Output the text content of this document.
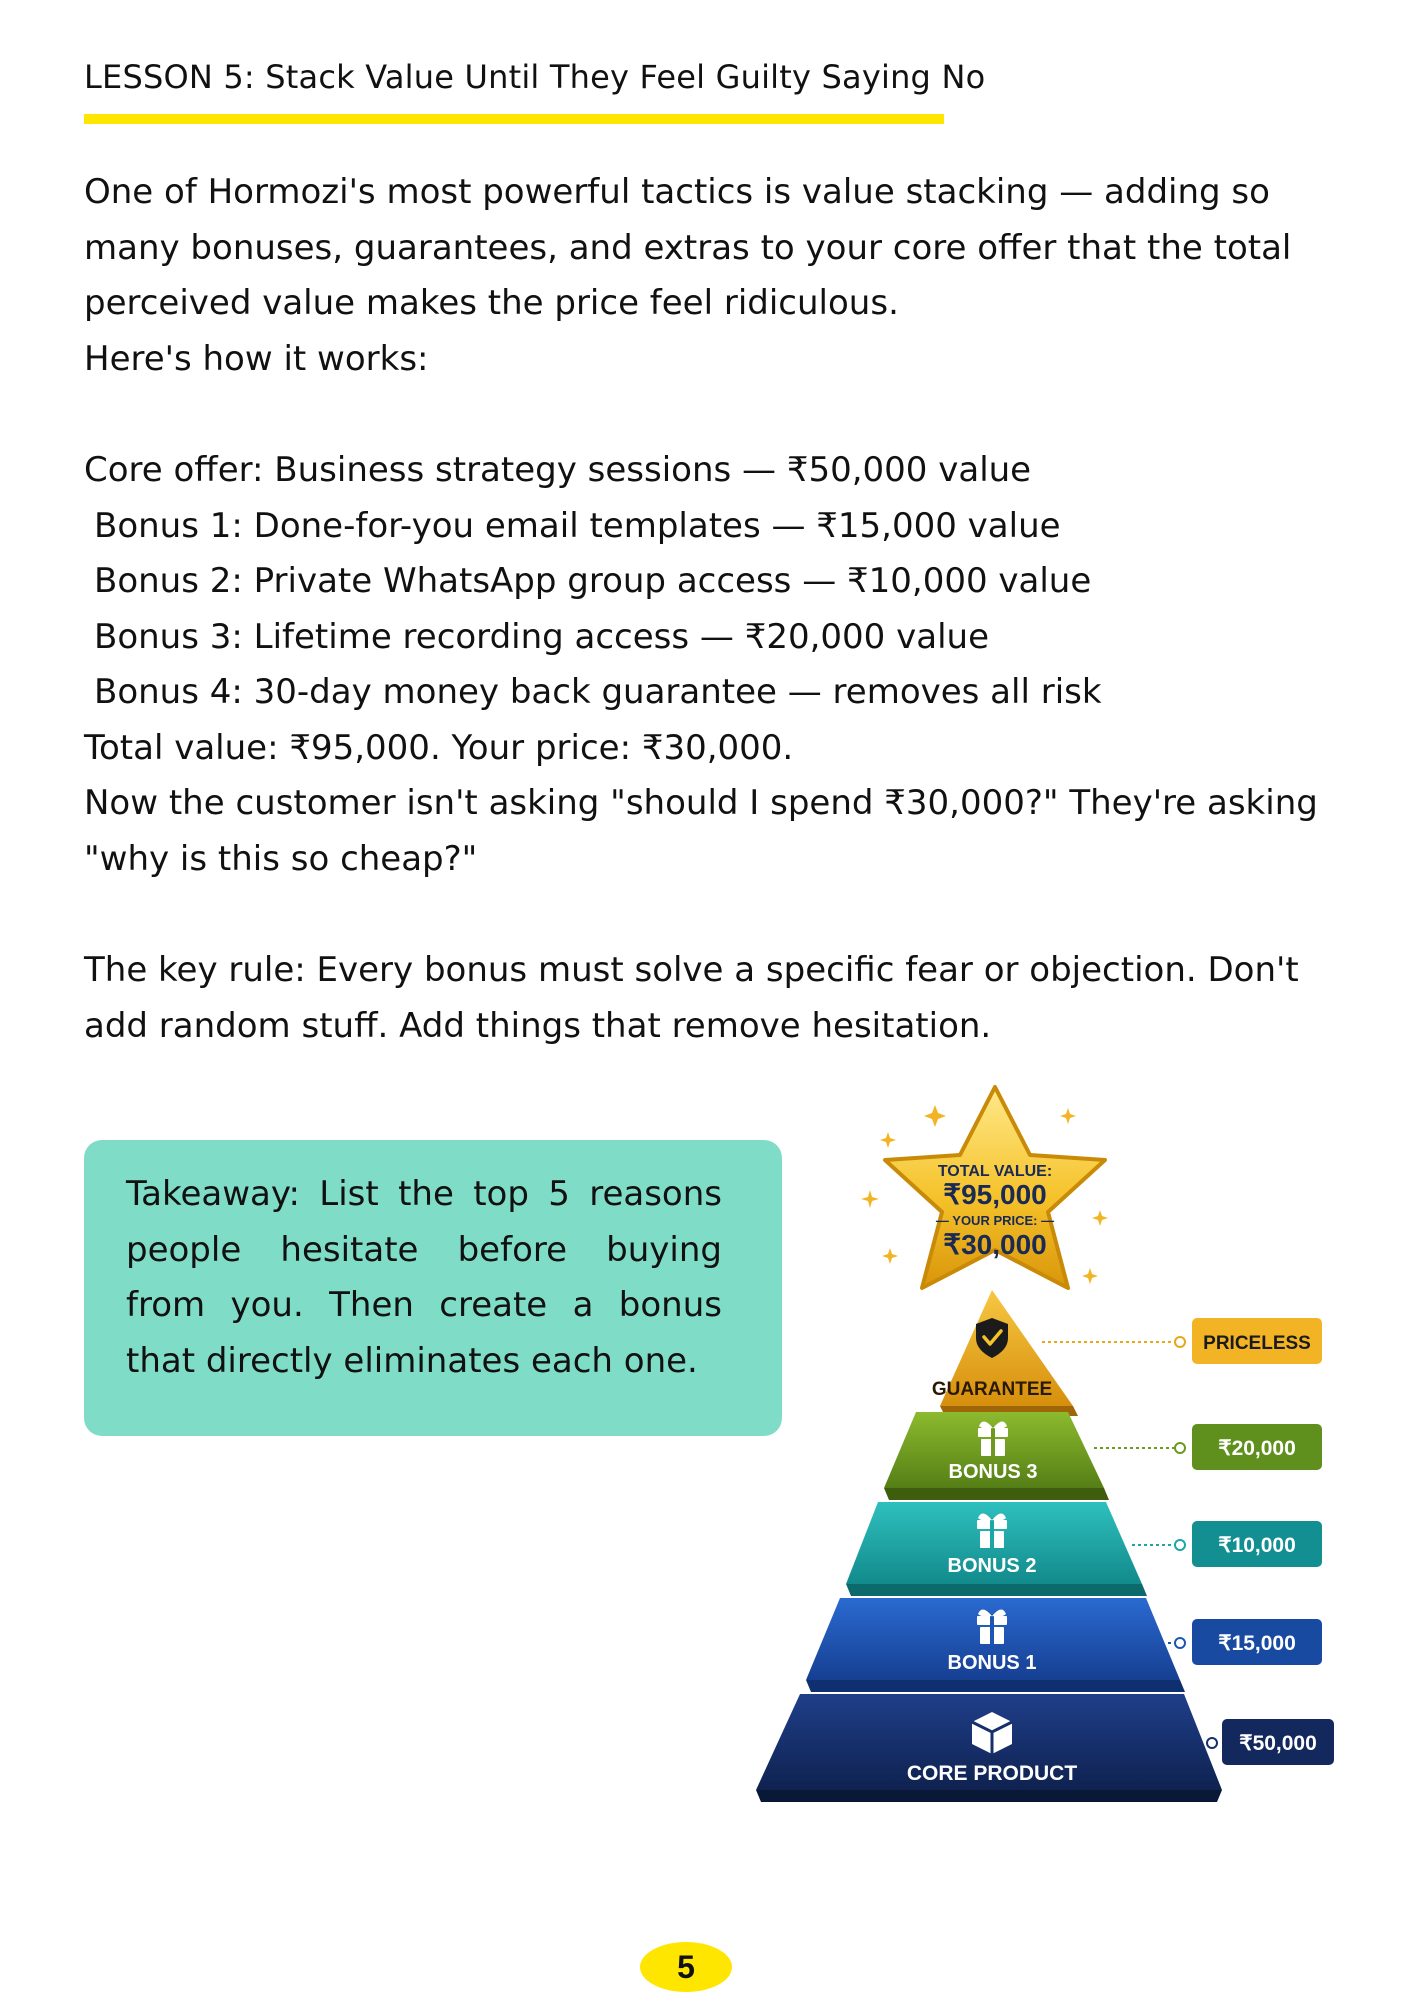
LESSON 5: Stack Value Until They Feel Guilty Saying No

One of Hormozi's most powerful tactics is value stacking — adding so many bonuses, guarantees, and extras to your core offer that the total perceived value makes the price feel ridiculous.

Here's how it works:

Core offer: Business strategy sessions — ₹50,000 value

Bonus 1: Done-for-you email templates — ₹15,000 value

Bonus 2: Private WhatsApp group access — ₹10,000 value

Bonus 3: Lifetime recording access — ₹20,000 value

Bonus 4: 30-day money back guarantee — removes all risk

Total value: ₹95,000. Your price: ₹30,000.

Now the customer isn't asking "should I spend ₹30,000?" They're asking "why is this so cheap?"

The key rule: Every bonus must solve a specific fear or objection. Don't add random stuff. Add things that remove hesitation.

Takeaway: List the top 5 reasons people hesitate before buying from you. Then create a bonus that directly eliminates each one.

TOTAL VALUE:
₹95,000
— YOUR PRICE: —
₹30,000
GUARANTEE
BONUS 3
BONUS 2
BONUS 1
CORE PRODUCT
PRICELESS
₹20,000
₹10,000
₹15,000
₹50,000
5
